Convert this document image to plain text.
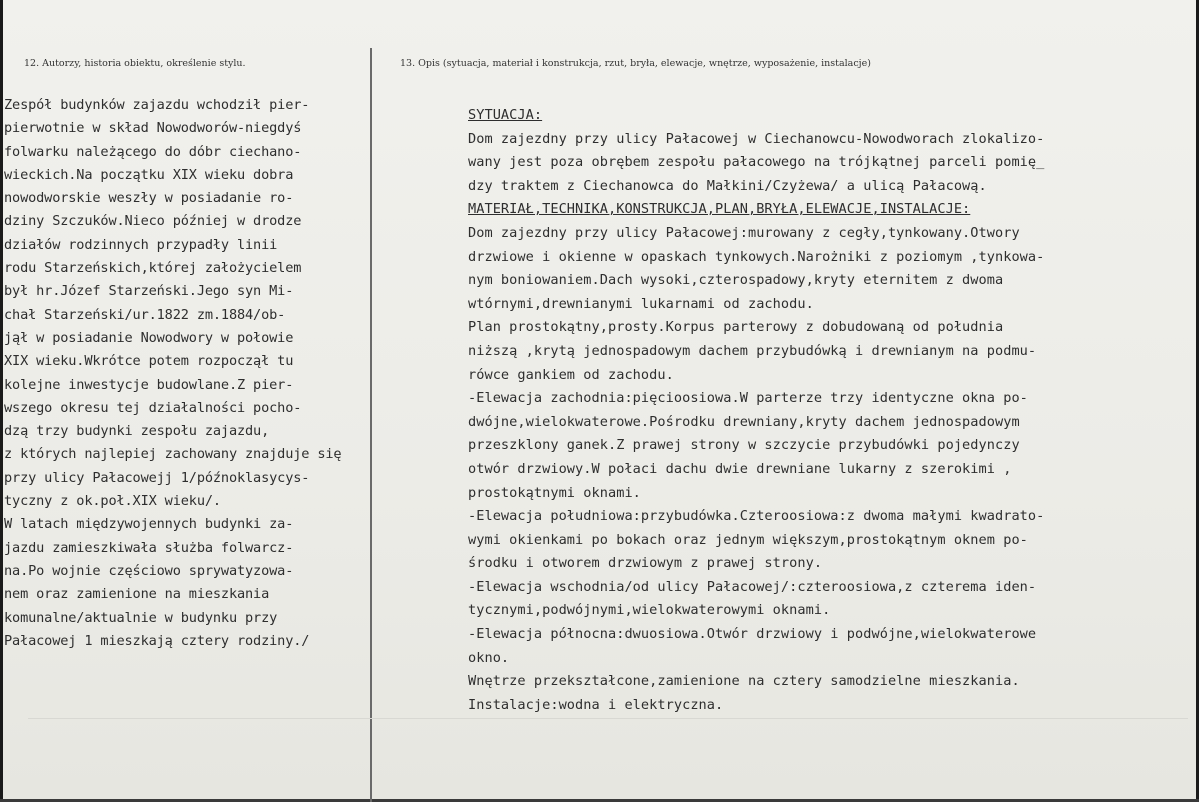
12. Autorzy, historia obiektu, określenie stylu.	13. Opis (sytuacja, materiał i konstrukcja, rzut, bryła, elewacje, wnętrze, wyposażenie, instalacje)
Zespół budynków zajazdu wchodził pier-
pierwotnie w skład Nowodworów-niegdyś
folwarku należącego do dóbr ciechano-
wieckich.Na początku XIX wieku dobra
nowodworskie weszły w posiadanie ro-
dziny Szczuków.Nieco później w drodze
działów rodzinnych przypadły linii
rodu Starzeńskich,której założycielem
był hr.Józef Starzeński.Jego syn Mi-
chał Starzeński/ur.1822 zm.1884/ob-
jął w posiadanie Nowodwory w połowie
XIX wieku.Wkrótce potem rozpoczął tu
kolejne inwestycje budowlane.Z pier-
wszego okresu tej działalności pocho-
dzą trzy budynki zespołu zajazdu,
z których najlepiej zachowany znajduje się
przy ulicy Pałacowejj 1/późnoklasycys-
tyczny z ok.poł.XIX wieku/.
W latach międzywojennych budynki za-
jazdu zamieszkiwała służba folwarcz-
na.Po wojnie częściowo sprywatyzowa-
nem oraz zamienione na mieszkania
komunalne/aktualnie w budynku przy
Pałacowej 1 mieszkają cztery rodziny./
SYTUACJA:
Dom zajezdny przy ulicy Pałacowej w Ciechanowcu-Nowodworach zlokalizo-
wany jest poza obrębem zespołu pałacowego na trójkątnej parceli pomię_
dzy traktem z Ciechanowca do Małkini/Czyżewa/ a ulicą Pałacową.
MATERIAŁ,TECHNIKA,KONSTRUKCJA,PLAN,BRYŁA,ELEWACJE,INSTALACJE:
Dom zajezdny przy ulicy Pałacowej:murowany z cegły,tynkowany.Otwory
drzwiowe i okienne w opaskach tynkowych.Narożniki z poziomym ,tynkowa-
nym boniowaniem.Dach wysoki,czterospadowy,kryty eternitem z dwoma
wtórnymi,drewnianymi lukarnami od zachodu.
Plan prostokątny,prosty.Korpus parterowy z dobudowaną od południa
niższą ,krytą jednospadowym dachem przybudówką i drewnianym na podmu-
rówce gankiem od zachodu.
-Elewacja zachodnia:pięcioosiowa.W parterze trzy identyczne okna po-
dwójne,wielokwaterowe.Pośrodku drewniany,kryty dachem jednospadowym
przeszklony ganek.Z prawej strony w szczycie przybudówki pojedynczy
otwór drzwiowy.W połaci dachu dwie drewniane lukarny z szerokimi ,
prostokątnymi oknami.
-Elewacja południowa:przybudówka.Czteroosiowa:z dwoma małymi kwadrato-
wymi okienkami po bokach oraz jednym większym,prostokątnym oknem po-
środku i otworem drzwiowym z prawej strony.
-Elewacja wschodnia/od ulicy Pałacowej/:czteroosiowa,z czterema iden-
tycznymi,podwójnymi,wielokwaterowymi oknami.
-Elewacja północna:dwuosiowa.Otwór drzwiowy i podwójne,wielokwaterowe
okno.
Wnętrze przekształcone,zamienione na cztery samodzielne mieszkania.
Instalacje:wodna i elektryczna.
